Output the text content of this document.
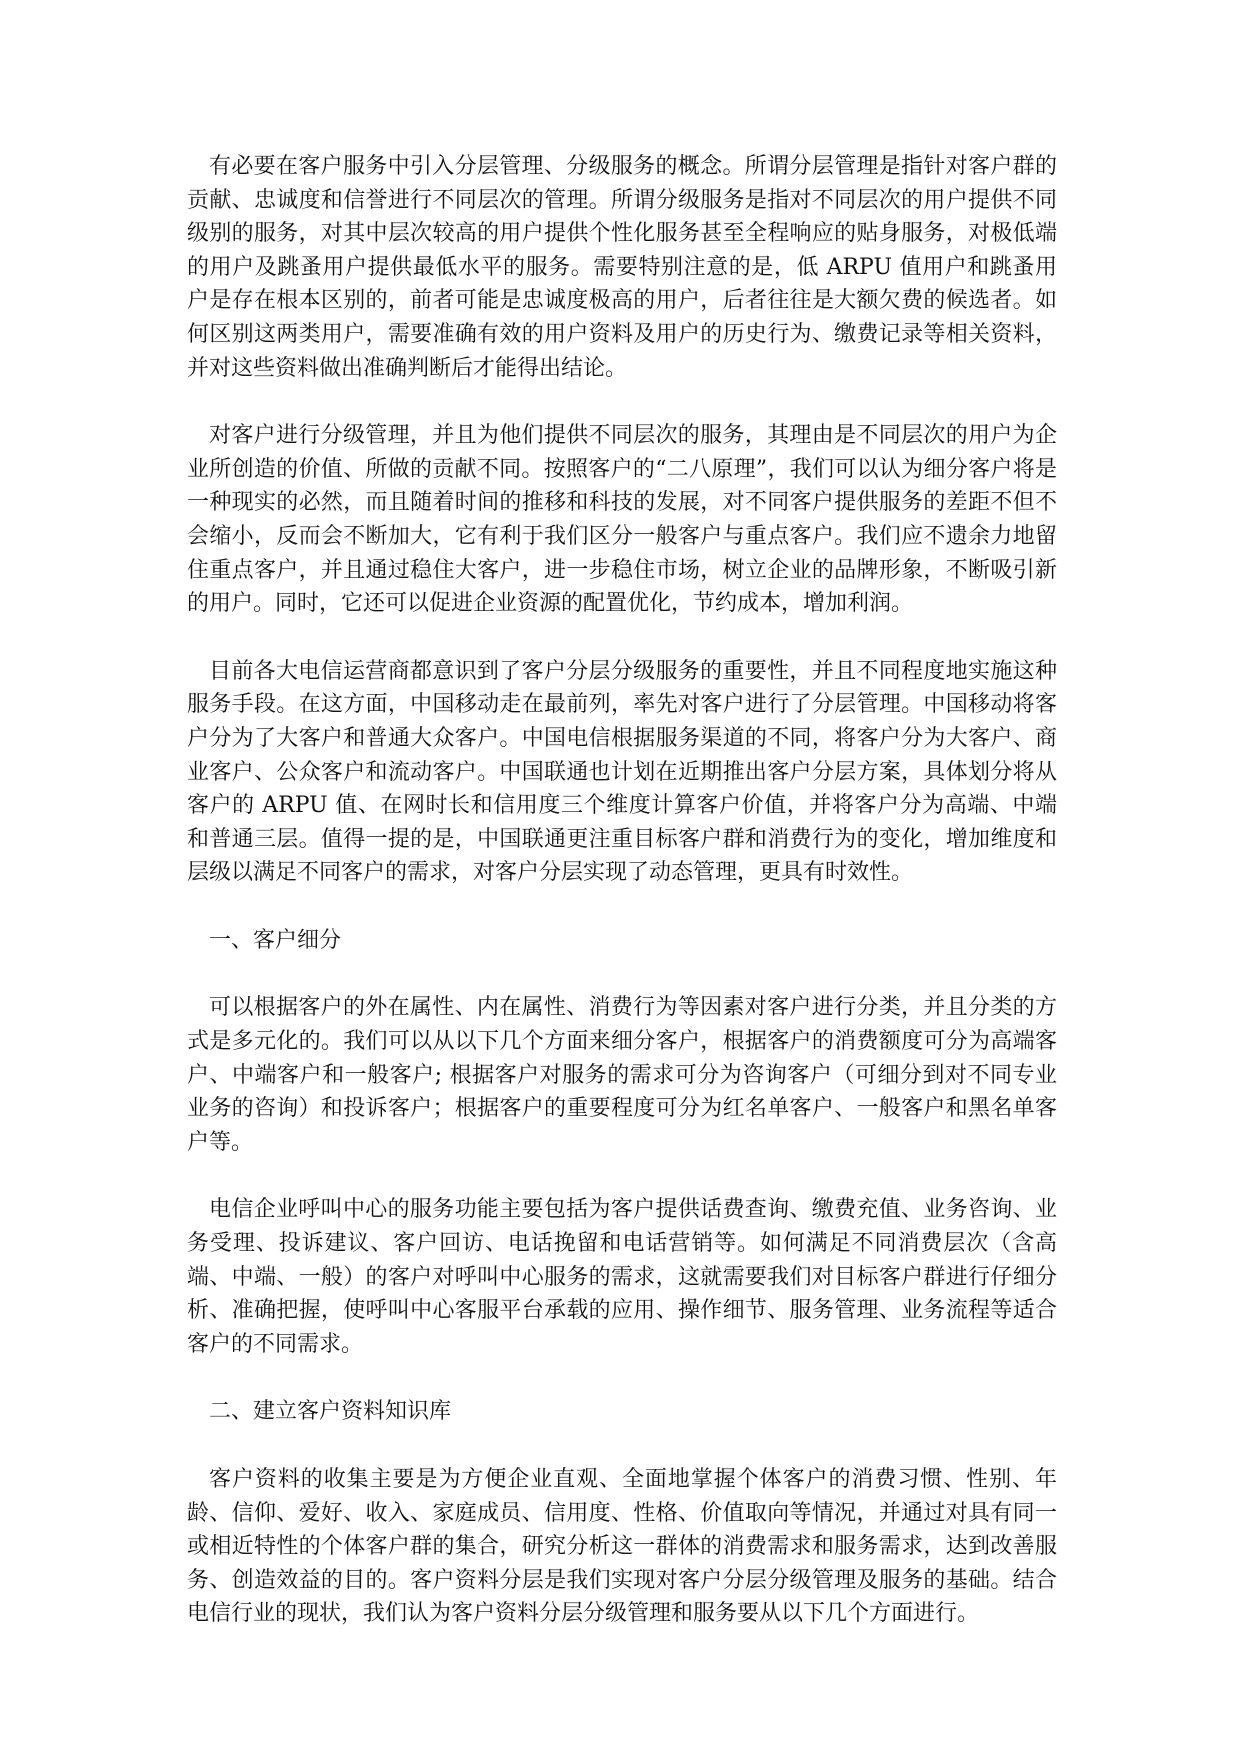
有必要在客户服务中引入分层管理、分级服务的概念。所谓分层管理是指针对客户群的贡献、忠诚度和信誉进行不同层次的管理。所谓分级服务是指对不同层次的用户提供不同级别的服务，对其中层次较高的用户提供个性化服务甚至全程响应的贴身服务，对极低端的用户及跳蚤用户提供最低水平的服务。需要特别注意的是，低 ARPU 值用户和跳蚤用户是存在根本区别的，前者可能是忠诚度极高的用户，后者往往是大额欠费的候选者。如何区别这两类用户，需要准确有效的用户资料及用户的历史行为、缴费记录等相关资料，并对这些资料做出准确判断后才能得出结论。

对客户进行分级管理，并且为他们提供不同层次的服务，其理由是不同层次的用户为企业所创造的价值、所做的贡献不同。按照客户的“二八原理”，我们可以认为细分客户将是一种现实的必然，而且随着时间的推移和科技的发展，对不同客户提供服务的差距不但不会缩小，反而会不断加大，它有利于我们区分一般客户与重点客户。我们应不遗余力地留住重点客户，并且通过稳住大客户，进一步稳住市场，树立企业的品牌形象，不断吸引新的用户。同时，它还可以促进企业资源的配置优化，节约成本，增加利润。

目前各大电信运营商都意识到了客户分层分级服务的重要性，并且不同程度地实施这种服务手段。在这方面，中国移动走在最前列，率先对客户进行了分层管理。中国移动将客户分为了大客户和普通大众客户。中国电信根据服务渠道的不同，将客户分为大客户、商业客户、公众客户和流动客户。中国联通也计划在近期推出客户分层方案，具体划分将从客户的 ARPU 值、在网时长和信用度三个维度计算客户价值，并将客户分为高端、中端和普通三层。值得一提的是，中国联通更注重目标客户群和消费行为的变化，增加维度和层级以满足不同客户的需求，对客户分层实现了动态管理，更具有时效性。

一、客户细分

可以根据客户的外在属性、内在属性、消费行为等因素对客户进行分类，并且分类的方式是多元化的。我们可以从以下几个方面来细分客户，根据客户的消费额度可分为高端客户、中端客户和一般客户; 根据客户对服务的需求可分为咨询客户（可细分到对不同专业业务的咨询）和投诉客户；根据客户的重要程度可分为红名单客户、一般客户和黑名单客户等。

电信企业呼叫中心的服务功能主要包括为客户提供话费查询、缴费充值、业务咨询、业务受理、投诉建议、客户回访、电话挽留和电话营销等。如何满足不同消费层次（含高端、中端、一般）的客户对呼叫中心服务的需求，这就需要我们对目标客户群进行仔细分析、准确把握，使呼叫中心客服平台承载的应用、操作细节、服务管理、业务流程等适合客户的不同需求。

二、建立客户资料知识库

客户资料的收集主要是为方便企业直观、全面地掌握个体客户的消费习惯、性别、年龄、信仰、爱好、收入、家庭成员、信用度、性格、价值取向等情况，并通过对具有同一或相近特性的个体客户群的集合，研究分析这一群体的消费需求和服务需求，达到改善服务、创造效益的目的。客户资料分层是我们实现对客户分层分级管理及服务的基础。结合电信行业的现状，我们认为客户资料分层分级管理和服务要从以下几个方面进行。
